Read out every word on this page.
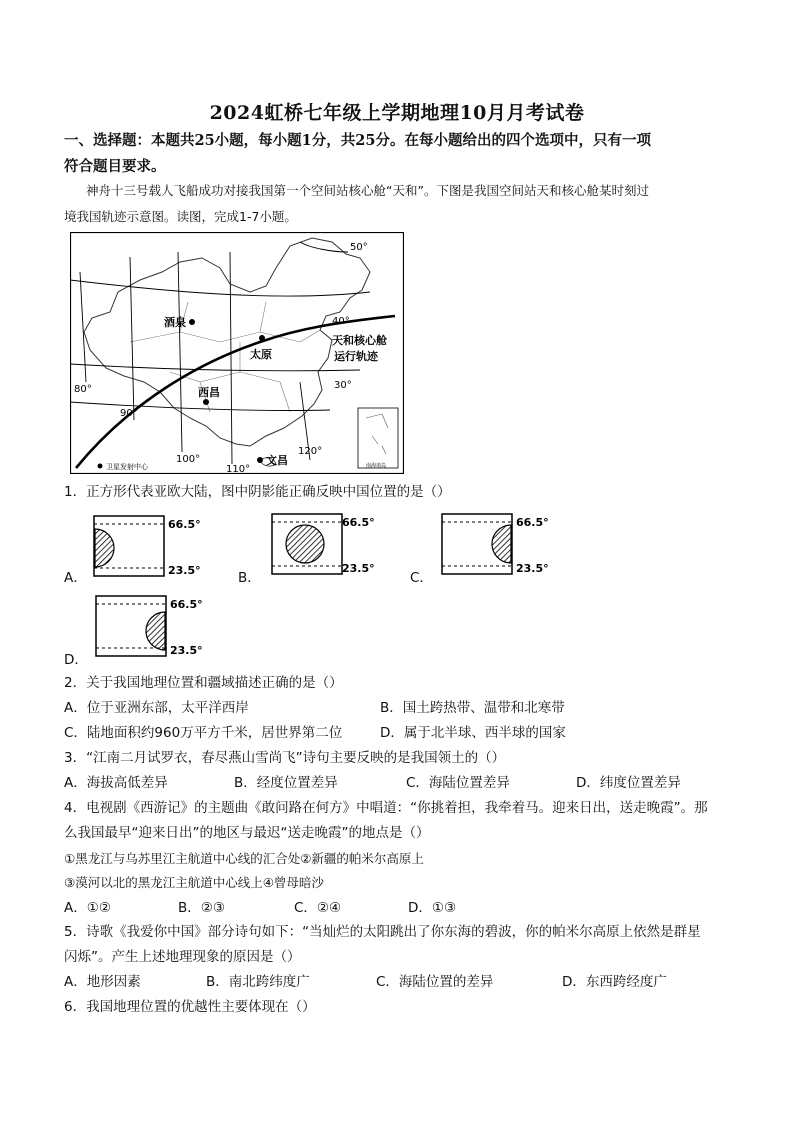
2024虹桥七年级上学期地理10月月考试卷
一、选择题：本题共25小题，每小题1分，共25分。在每小题给出的四个选项中，只有一项
符合题目要求。
神舟十三号载人飞船成功对接我国第一个空间站核心舱“天和”。下图是我国空间站天和核心舱某时刻过
境我国轨迹示意图。读图，完成1-7小题。
酒泉
太原
西昌
文昌
天和核心舱
运行轨迹
卫星发射中心	南海诸岛
50°
40°
30°
80°
90°
100°
110°
120°
1．正方形代表亚欧大陆，图中阴影能正确反映中国位置的是（）
A．
66.5°
23.5°	B．
66.5°
23.5°
C．
66.5°
23.5°
D．
66.5°
23.5°
2．关于我国地理位置和疆域描述正确的是（）
A．位于亚洲东部，太平洋西岸	B．国土跨热带、温带和北寒带
C．陆地面积约960万平方千米，居世界第二位	D．属于北半球、西半球的国家
3．“江南二月试罗衣，春尽燕山雪尚飞”诗句主要反映的是我国领土的（）
A．海拔高低差异	B．经度位置差异	C．海陆位置差异	D．纬度位置差异
4．电视剧《西游记》的主题曲《敢问路在何方》中唱道：“你挑着担，我牵着马。迎来日出，送走晚霞”。那
么我国最早“迎来日出”的地区与最迟“送走晚霞”的地点是（）
①黑龙江与乌苏里江主航道中心线的汇合处②新疆的帕米尔高原上
③漠河以北的黑龙江主航道中心线上④曾母暗沙
A．①②	B．②③	C．②④	D．①③
5．诗歌《我爱你中国》部分诗句如下：“当灿烂的太阳跳出了你东海的碧波，你的帕米尔高原上依然是群星
闪烁”。产生上述地理现象的原因是（）
A．地形因素	B．南北跨纬度广	C．海陆位置的差异	D．东西跨经度广
6．我国地理位置的优越性主要体现在（）
